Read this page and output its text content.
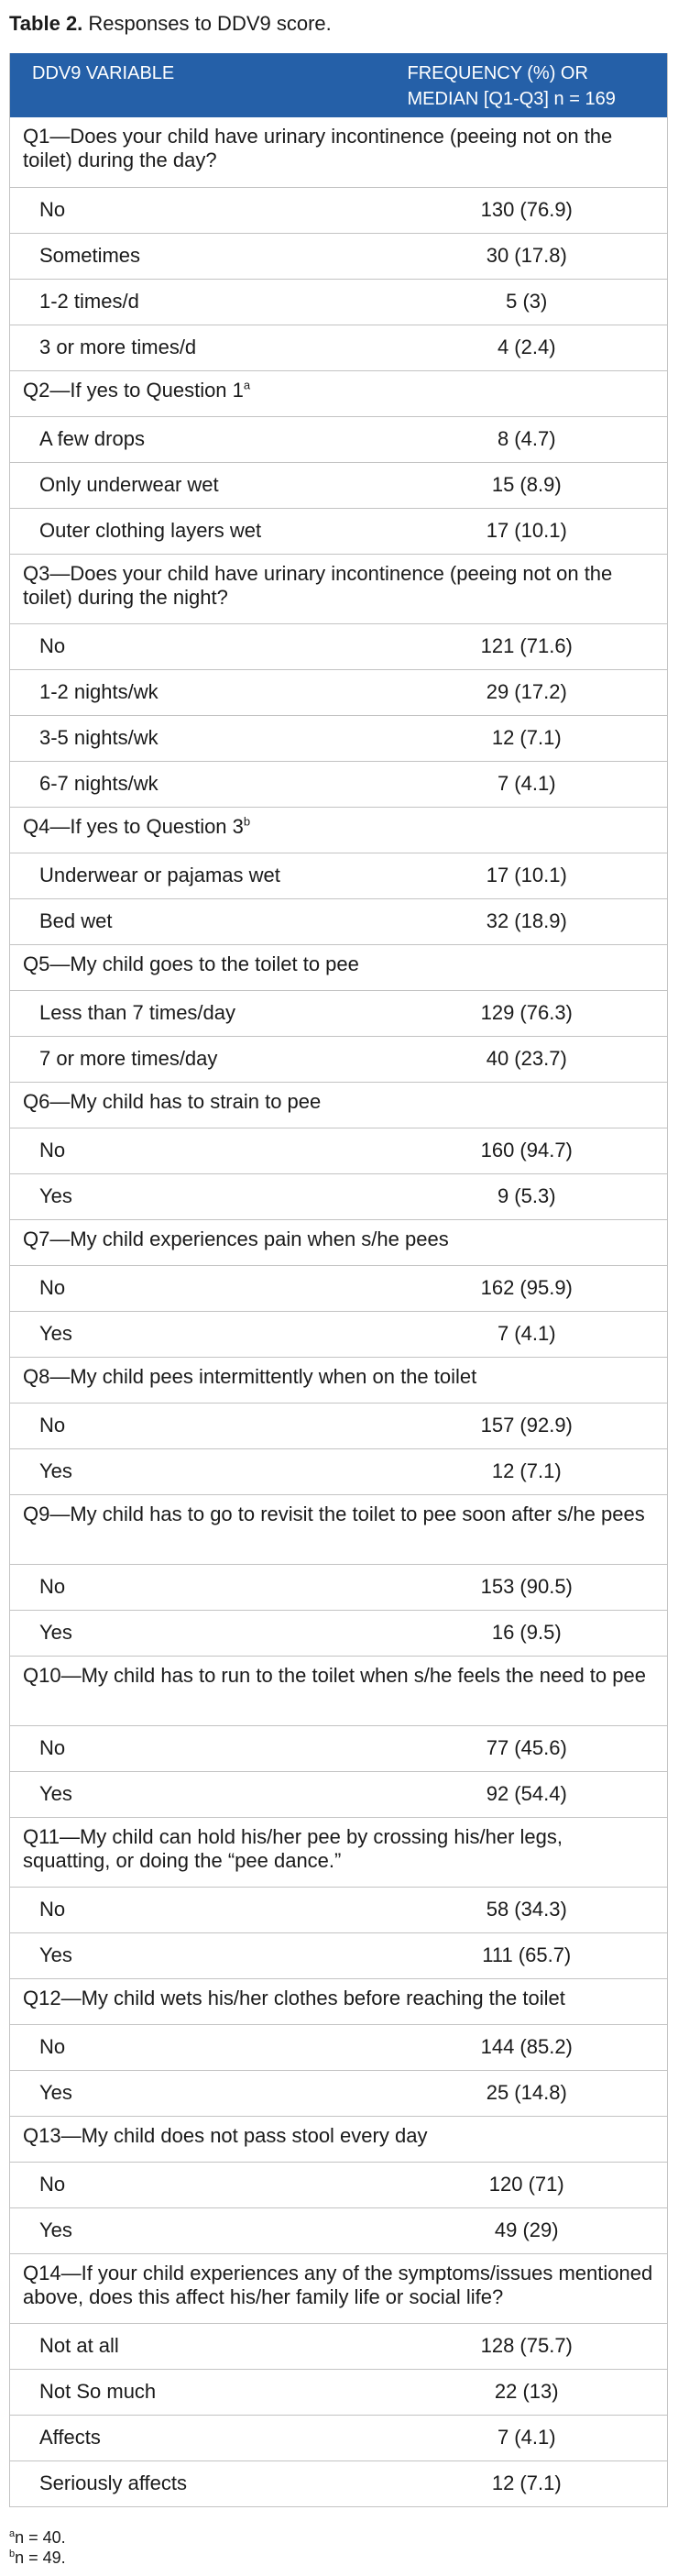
Table 2. Responses to DDV9 score.
DDV9 VARIABLE	FREQUENCY (%) OR
MEDIAN [Q1-Q3] n = 169
Q1—Does your child have urinary incontinence (peeing not on the toilet) during the day?	
No	130 (76.9)
Sometimes	30 (17.8)
1-2 times/d	5 (3)
3 or more times/d	4 (2.4)
Q2—If yes to Question 1$^a$
A few drops	8 (4.7)
Only underwear wet	15 (8.9)
Outer clothing layers wet	17 (10.1)
Q3—Does your child have urinary incontinence (peeing not on the toilet) during the night?	
No	121 (71.6)
1-2 nights/wk	29 (17.2)
3-5 nights/wk	12 (7.1)
6-7 nights/wk	7 (4.1)
Q4—If yes to Question 3$^b$
Underwear or pajamas wet	17 (10.1)
Bed wet	32 (18.9)
Q5—My child goes to the toilet to pee	
Less than 7 times/day	129 (76.3)
7 or more times/day	40 (23.7)
Q6—My child has to strain to pee	
No	160 (94.7)
Yes	9 (5.3)
Q7—My child experiences pain when s/he pees	
No	162 (95.9)
Yes	7 (4.1)
Q8—My child pees intermittently when on the toilet	
No	157 (92.9)
Yes	12 (7.1)
Q9—My child has to go to revisit the toilet to pee soon after s/he pees	
No	153 (90.5)
Yes	16 (9.5)
Q10—My child has to run to the toilet when s/he feels the need to pee	
No	77 (45.6)
Yes	92 (54.4)
Q11—My child can hold his/her pee by crossing his/her legs, squatting, or doing the “pee dance.”	
No	58 (34.3)
Yes	111 (65.7)
Q12—My child wets his/her clothes before reaching the toilet	
No	144 (85.2)
Yes	25 (14.8)
Q13—My child does not pass stool every day	
No	120 (71)
Yes	49 (29)
Q14—If your child experiences any of the symptoms/issues mentioned above, does this affect his/her family life or social life?	
Not at all	128 (75.7)
Not So much	22 (13)
Affects	7 (4.1)
Seriously affects	12 (7.1)
$^a$n = 40.
$^b$n = 49.
